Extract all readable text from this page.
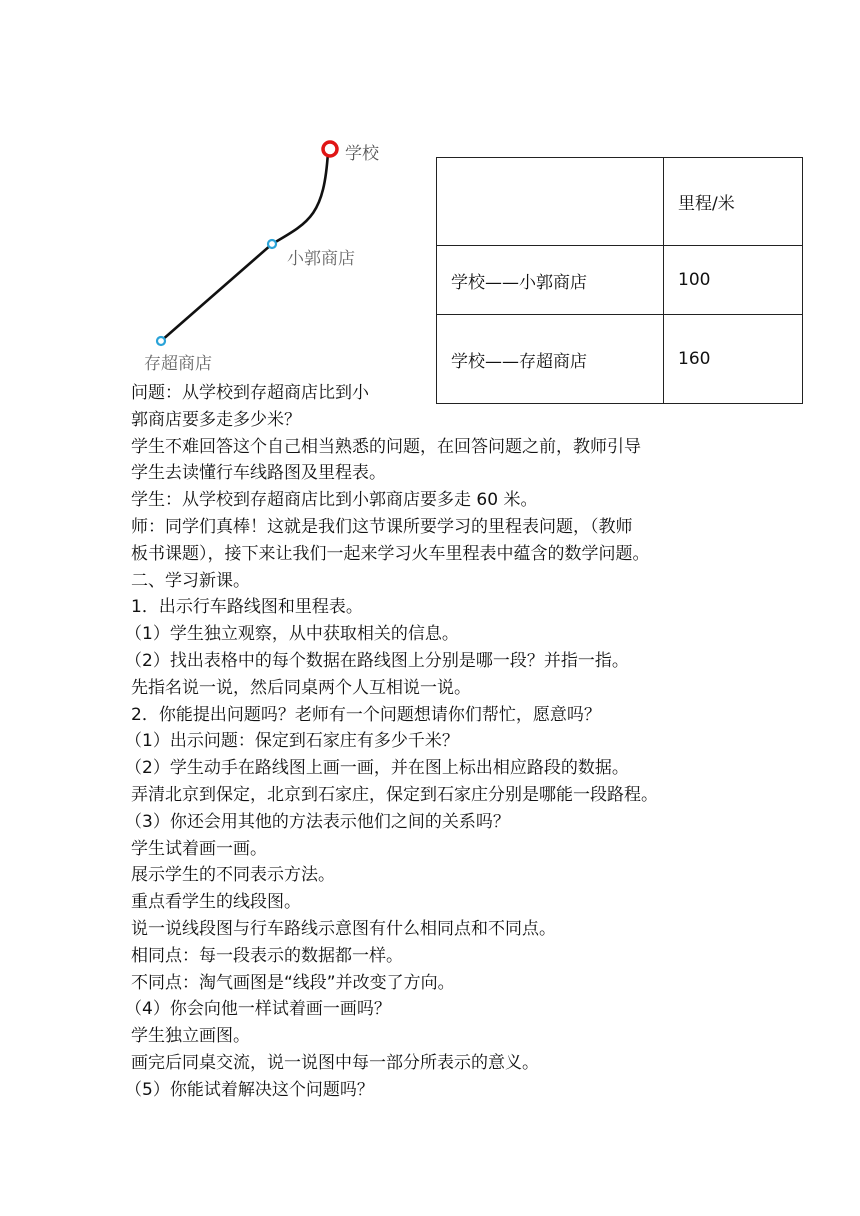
学校
小郭商店
存超商店
	里程/米
学校——小郭商店	100
学校——存超商店	160
问题：从学校到存超商店比到小
郭商店要多走多少米？
学生不难回答这个自己相当熟悉的问题，在回答问题之前，教师引导
学生去读懂行车线路图及里程表。
学生：从学校到存超商店比到小郭商店要多走 60 米。
师：同学们真棒！这就是我们这节课所要学习的里程表问题，（教师
板书课题），接下来让我们一起来学习火车里程表中蕴含的数学问题。
二、学习新课。
1．出示行车路线图和里程表。
（1）学生独立观察，从中获取相关的信息。
（2）找出表格中的每个数据在路线图上分别是哪一段？并指一指。
先指名说一说，然后同桌两个人互相说一说。
2．你能提出问题吗？老师有一个问题想请你们帮忙，愿意吗？
（1）出示问题：保定到石家庄有多少千米？
（2）学生动手在路线图上画一画，并在图上标出相应路段的数据。
弄清北京到保定，北京到石家庄，保定到石家庄分别是哪能一段路程。
（3）你还会用其他的方法表示他们之间的关系吗？
学生试着画一画。
展示学生的不同表示方法。
重点看学生的线段图。
说一说线段图与行车路线示意图有什么相同点和不同点。
相同点：每一段表示的数据都一样。
不同点：淘气画图是“线段”并改变了方向。
（4）你会向他一样试着画一画吗？
学生独立画图。
画完后同桌交流，说一说图中每一部分所表示的意义。
（5）你能试着解决这个问题吗？
